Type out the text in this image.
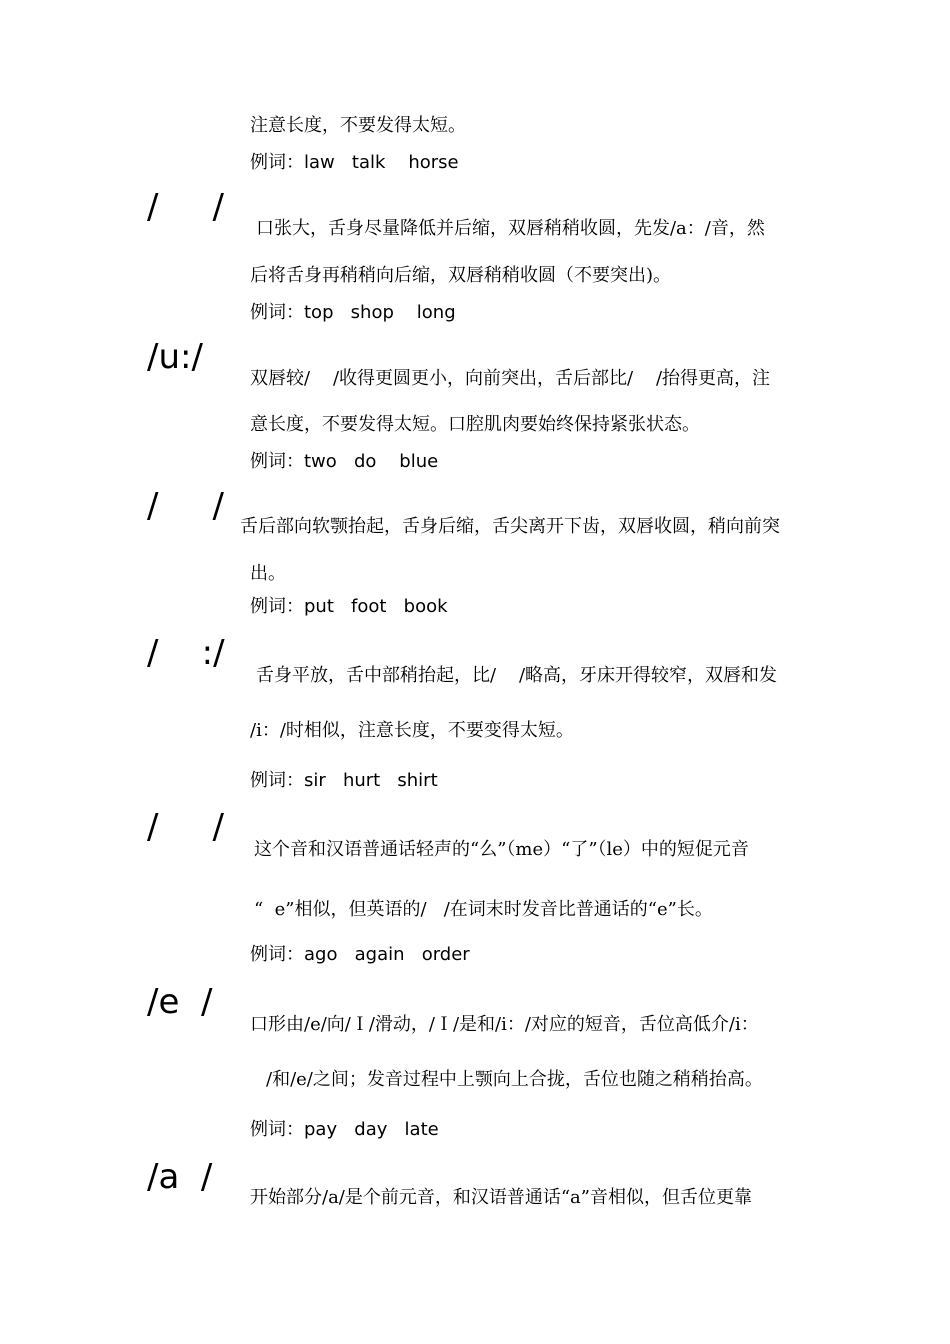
注意长度，不要发得太短。
例词：law   talk    horse
/     /
口张大，舌身尽量降低并后缩，双唇稍稍收圆，先发/a：/音，然
后将舌身再稍稍向后缩，双唇稍稍收圆（不要突出)。
例词：top   shop    long
/u:/
双唇较/    /收得更圆更小，向前突出，舌后部比/    /抬得更高，注
意长度，不要发得太短。口腔肌肉要始终保持紧张状态。
例词：two   do    blue
/     /
舌后部向软颚抬起，舌身后缩，舌尖离开下齿，双唇收圆，稍向前突
出。
例词：put   foot   book
/    :/
舌身平放，舌中部稍抬起，比/    /略高，牙床开得较窄，双唇和发
/i：/时相似，注意长度，不要变得太短。
例词：sir   hurt   shirt
/     /
这个音和汉语普通话轻声的“么”（me）“了”（le）中的短促元音
“  e”相似，但英语的/   /在词末时发音比普通话的“e”长。
例词：ago   again   order
/e  /
口形由/e/向/Ｉ/滑动，/Ｉ/是和/i：/对应的短音，舌位高低介/i：
/和/e/之间；发音过程中上颚向上合拢，舌位也随之稍稍抬高。
例词：pay   day   late
/a  /
开始部分/a/是个前元音，和汉语普通话“a”音相似，但舌位更靠
